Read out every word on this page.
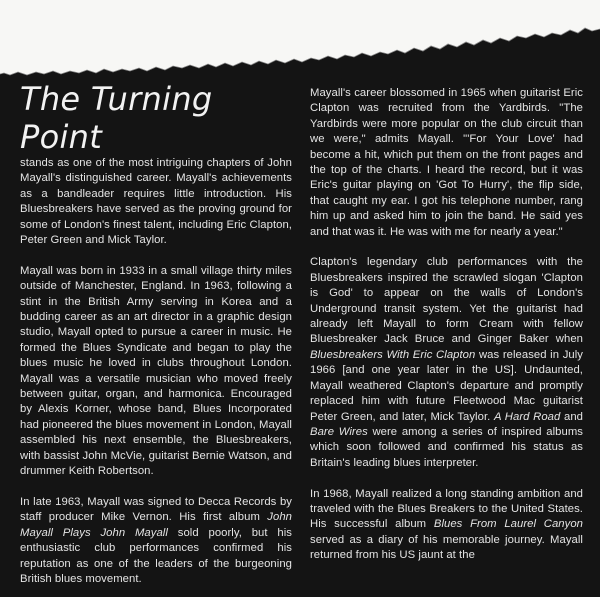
The Turning Point

stands as one of the most intriguing chapters of John Mayall's distinguished career. Mayall's achievements as a bandleader requires little introduction. His Bluesbreakers have served as the proving ground for some of London's finest talent, including Eric Clapton, Peter Green and Mick Taylor.

Mayall was born in 1933 in a small village thirty miles outside of Manchester, England. In 1963, following a stint in the British Army serving in Korea and a budding career as an art director in a graphic design studio, Mayall opted to pursue a career in music. He formed the Blues Syndicate and began to play the blues music he loved in clubs throughout London. Mayall was a versatile musician who moved freely between guitar, organ, and harmonica. Encouraged by Alexis Korner, whose band, Blues Incorporated had pioneered the blues movement in London, Mayall assembled his next ensemble, the Bluesbreakers, with bassist John McVie, guitarist Bernie Watson, and drummer Keith Robertson.

In late 1963, Mayall was signed to Decca Records by staff producer Mike Vernon. His first album John Mayall Plays John Mayall sold poorly, but his enthusiastic club performances confirmed his reputation as one of the leaders of the burgeoning British blues movement.

Mayall's career blossomed in 1965 when guitarist Eric Clapton was recruited from the Yardbirds. "The Yardbirds were more popular on the club circuit than we were," admits Mayall. "'For Your Love' had become a hit, which put them on the front pages and the top of the charts. I heard the record, but it was Eric's guitar playing on 'Got To Hurry', the flip side, that caught my ear. I got his telephone number, rang him up and asked him to join the band. He said yes and that was it. He was with me for nearly a year."

Clapton's legendary club performances with the Bluesbreakers inspired the scrawled slogan 'Clapton is God' to appear on the walls of London's Underground transit system. Yet the guitarist had already left Mayall to form Cream with fellow Bluesbreaker Jack Bruce and Ginger Baker when Bluesbreakers With Eric Clapton was released in July 1966 [and one year later in the US]. Undaunted, Mayall weathered Clapton's departure and promptly replaced him with future Fleetwood Mac guitarist Peter Green, and later, Mick Taylor. A Hard Road and Bare Wires were among a series of inspired albums which soon followed and confirmed his status as Britain's leading blues interpreter.

In 1968, Mayall realized a long standing ambition and traveled with the Blues Breakers to the United States. His successful album Blues From Laurel Canyon served as a diary of his memorable journey. Mayall returned from his US jaunt at the
